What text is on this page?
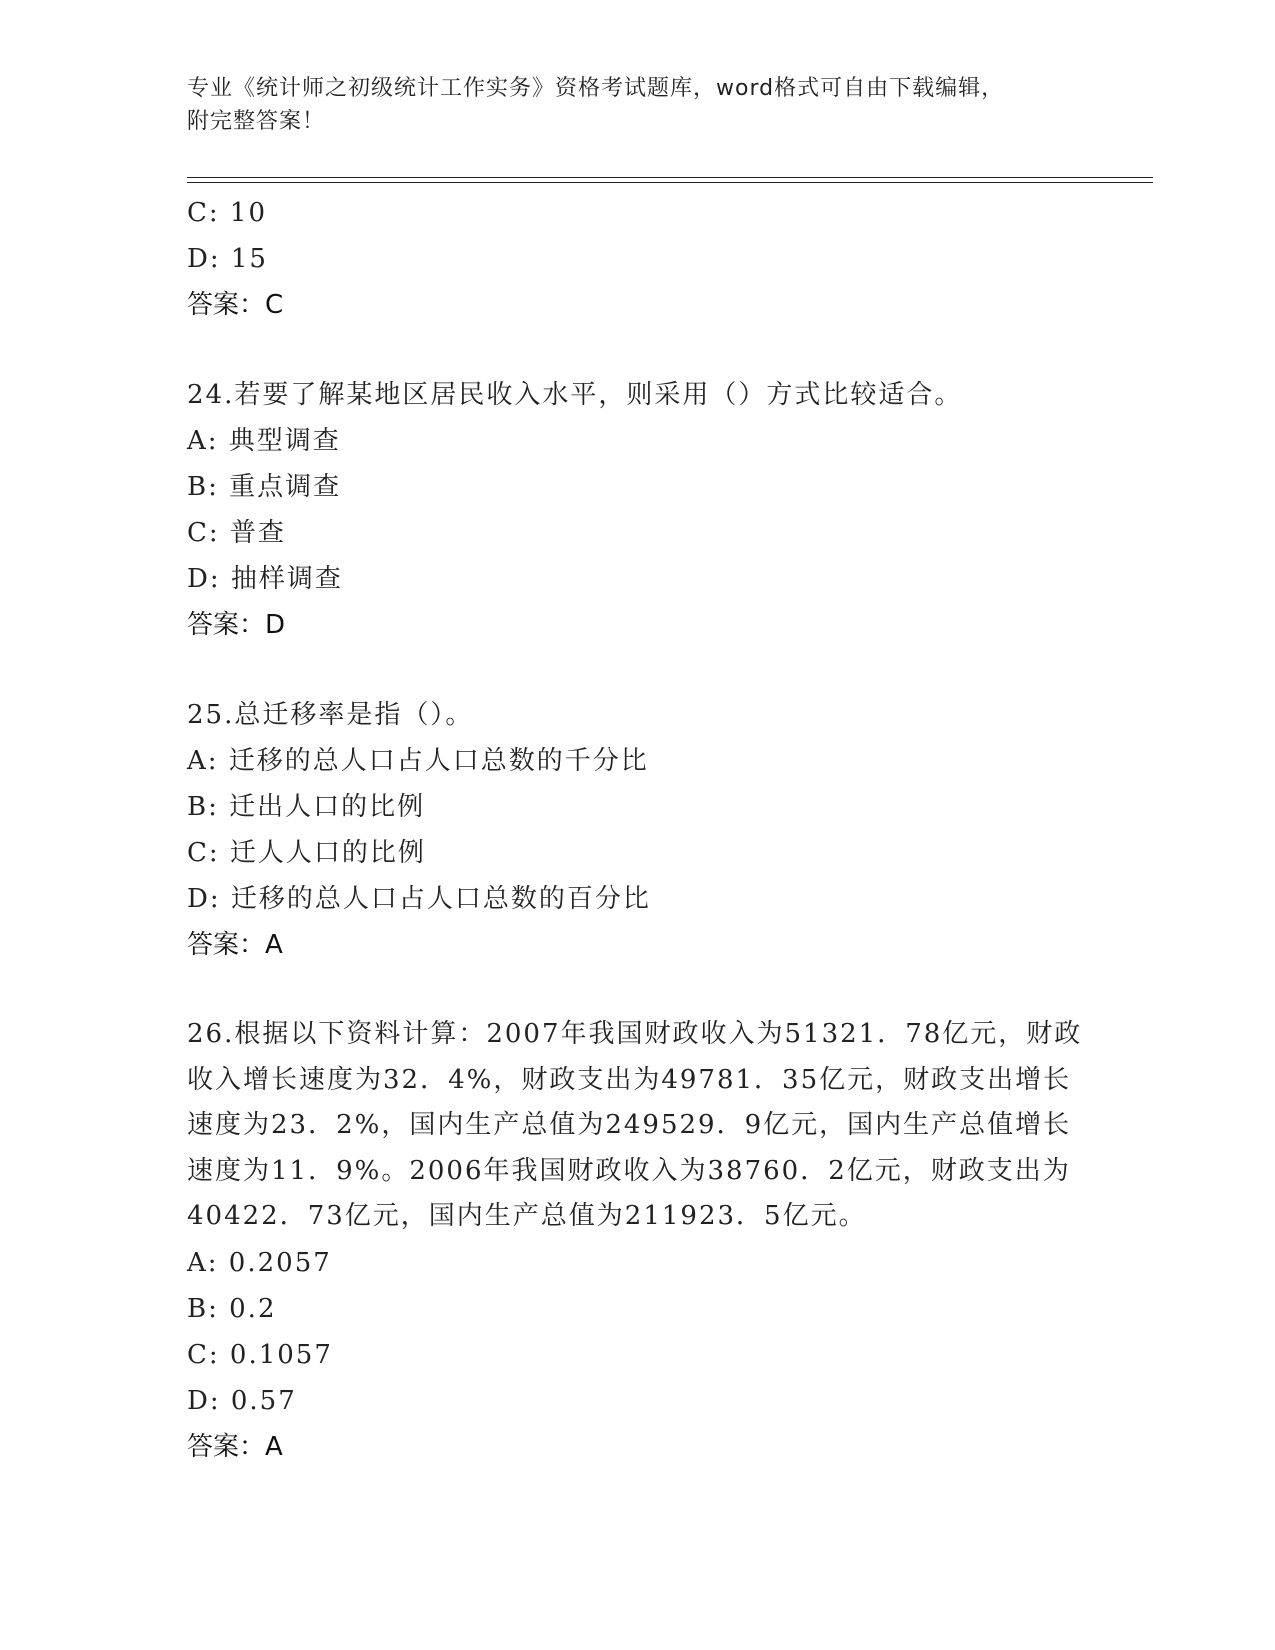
专业《统计师之初级统计工作实务》资格考试题库，word格式可自由下载编辑，
附完整答案！
C: 10
D: 15
答案：C
24.若要了解某地区居民收入水平，则采用（）方式比较适合。
A: 典型调查
B: 重点调查
C: 普查
D: 抽样调查
答案：D
25.总迁移率是指（）。
A: 迁移的总人口占人口总数的千分比
B: 迁出人口的比例
C: 迁人人口的比例
D: 迁移的总人口占人口总数的百分比
答案：A
26.根据以下资料计算：2007年我国财政收入为51321．78亿元，财政
收入增长速度为32．4%，财政支出为49781．35亿元，财政支出增长
速度为23．2%，国内生产总值为249529．9亿元，国内生产总值增长
速度为11．9%。2006年我国财政收入为38760．2亿元，财政支出为
40422．73亿元，国内生产总值为211923．5亿元。
A: 0.2057
B: 0.2
C: 0.1057
D: 0.57
答案：A
